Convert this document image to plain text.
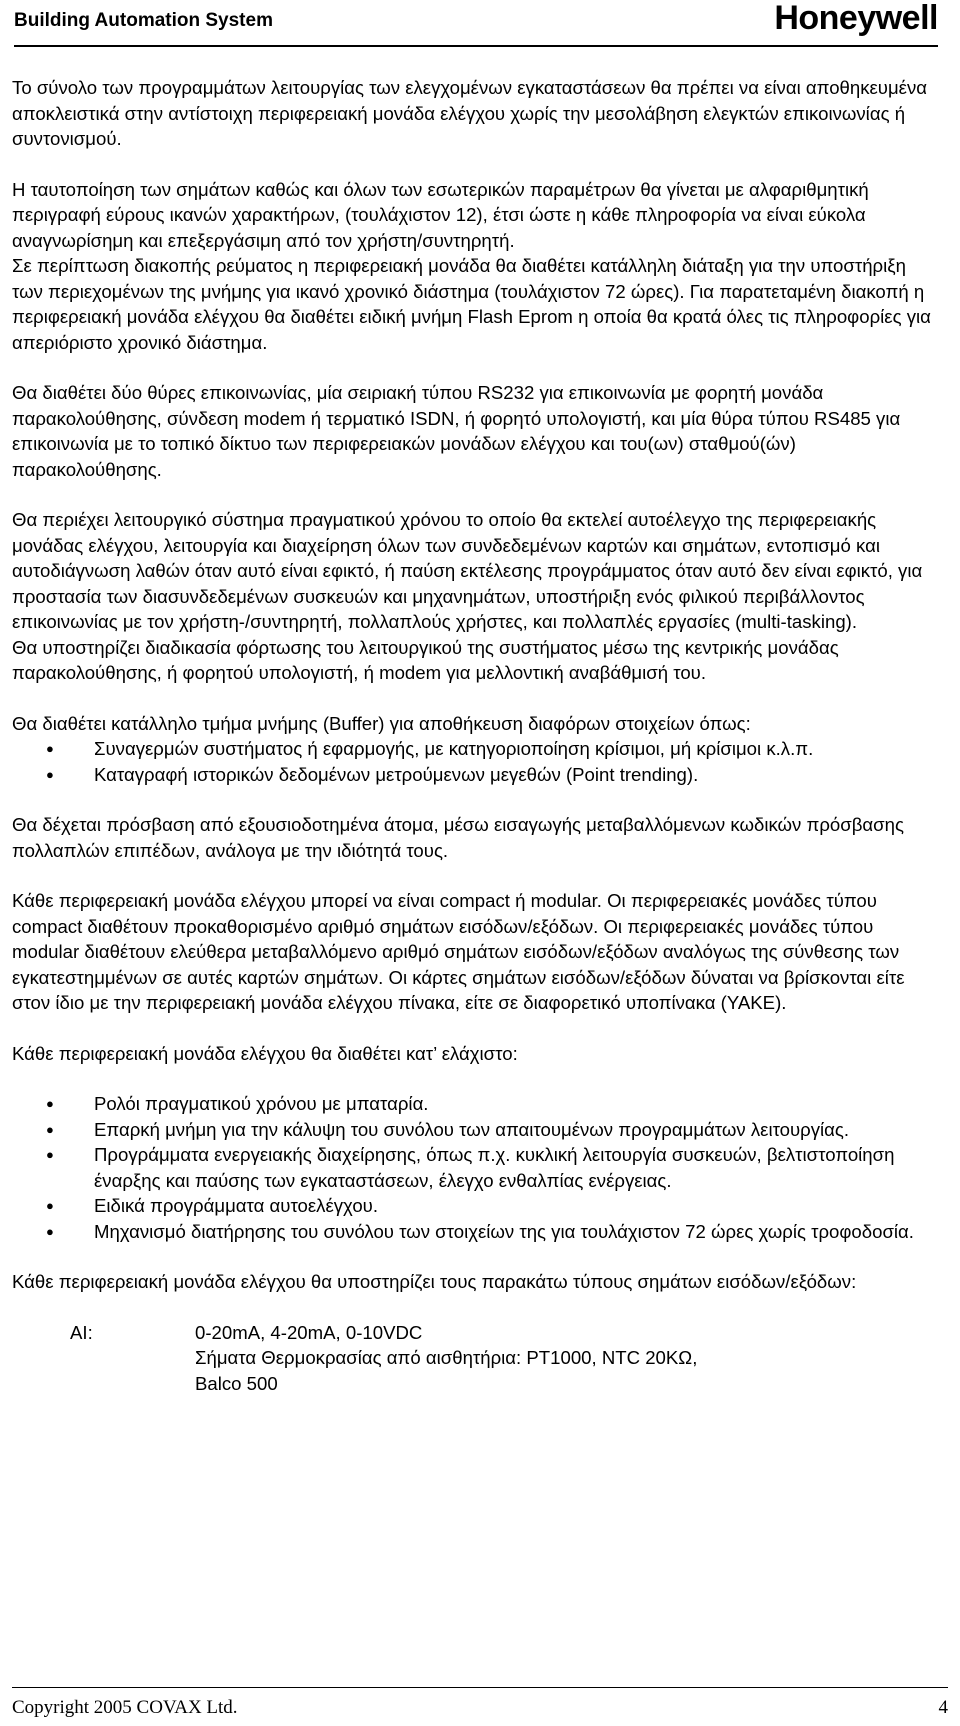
Building Automation System	Honeywell

Το σύνολο των προγραμμάτων λειτουργίας των ελεγχομένων εγκαταστάσεων θα πρέπει να είναι αποθηκευμένα αποκλειστικά στην αντίστοιχη περιφερειακή μονάδα ελέγχου χωρίς την μεσολάβηση ελεγκτών επικοινωνίας ή συντονισμού.

Η ταυτοποίηση των σημάτων καθώς και όλων των εσωτερικών παραμέτρων θα γίνεται με αλφαριθμητική περιγραφή εύρους ικανών χαρακτήρων, (τουλάχιστον 12), έτσι ώστε η κάθε πληροφορία να είναι εύκολα αναγνωρίσημη και επεξεργάσιμη από τον χρήστη/συντηρητή.

Σε περίπτωση διακοπής ρεύματος η περιφερειακή μονάδα θα διαθέτει κατάλληλη διάταξη για την υποστήριξη των περιεχομένων της μνήμης για ικανό χρονικό διάστημα (τουλάχιστον 72 ώρες). Για παρατεταμένη διακοπή η περιφερειακή μονάδα ελέγχου θα διαθέτει ειδική μνήμη Flash Eprom η οποία θα κρατά όλες τις πληροφορίες για απεριόριστο χρονικό διάστημα.

Θα διαθέτει δύο θύρες επικοινωνίας, μία σειριακή τύπου RS232 για επικοινωνία με φορητή μονάδα παρακολούθησης, σύνδεση modem ή τερματικό ISDN, ή φορητό υπολογιστή, και μία θύρα τύπου RS485 για επικοινωνία με το τοπικό δίκτυο των περιφερειακών μονάδων ελέγχου και του(ων) σταθμού(ών) παρακολούθησης.

Θα περιέχει λειτουργικό σύστημα πραγματικού χρόνου το οποίο θα εκτελεί αυτοέλεγχο της περιφερειακής μονάδας ελέγχου, λειτουργία και διαχείρηση όλων των συνδεδεμένων καρτών και σημάτων, εντοπισμό και αυτοδιάγνωση λαθών όταν αυτό είναι εφικτό, ή παύση εκτέλεσης προγράμματος όταν αυτό δεν είναι εφικτό, για προστασία των διασυνδεδεμένων συσκευών και μηχανημάτων, υποστήριξη ενός φιλικού περιβάλλοντος επικοινωνίας με τον χρήστη-/συντηρητή, πολλαπλούς χρήστες, και πολλαπλές εργασίες (multi-tasking).

Θα υποστηρίζει διαδικασία φόρτωσης του λειτουργικού της συστήματος μέσω της κεντρικής μονάδας παρακολούθησης, ή φορητού υπολογιστή, ή modem για μελλοντική αναβάθμισή του.

Θα διαθέτει κατάλληλο τμήμα μνήμης (Buffer) για αποθήκευση διαφόρων στοιχείων όπως:

● Συναγερμών συστήματος ή εφαρμογής, με κατηγοριοποίηση κρίσιμοι, μή κρίσιμοι κ.λ.π.
● Καταγραφή ιστορικών δεδομένων μετρούμενων μεγεθών (Point trending).

Θα δέχεται πρόσβαση από εξουσιοδοτημένα άτομα, μέσω εισαγωγής μεταβαλλόμενων κωδικών πρόσβασης πολλαπλών επιπέδων, ανάλογα με την ιδιότητά τους.

Κάθε περιφερειακή μονάδα ελέγχου μπορεί να είναι compact ή modular. Οι περιφερειακές μονάδες τύπου compact διαθέτουν προκαθορισμένο αριθμό σημάτων εισόδων/εξόδων. Οι περιφερειακές μονάδες τύπου modular διαθέτουν ελεύθερα μεταβαλλόμενο αριθμό σημάτων εισόδων/εξόδων αναλόγως της σύνθεσης των εγκατεστημμένων σε αυτές καρτών σημάτων. Οι κάρτες σημάτων εισόδων/εξόδων δύναται να βρίσκονται είτε στον ίδιο με την περιφερειακή μονάδα ελέγχου πίνακα, είτε σε διαφορετικό υποπίνακα (ΥΑΚΕ).

Κάθε περιφερειακή μονάδα ελέγχου θα διαθέτει κατ’ ελάχιστο:

● Ρολόι πραγματικού χρόνου με μπαταρία.
● Επαρκή μνήμη για την κάλυψη του συνόλου των απαιτουμένων προγραμμάτων λειτουργίας.
● Προγράμματα ενεργειακής διαχείρησης, όπως π.χ. κυκλική λειτουργία συσκευών, βελτιστοποίηση έναρξης και παύσης των εγκαταστάσεων, έλεγχο ενθαλπίας ενέργειας.
● Ειδικά προγράμματα αυτοελέγχου.
● Μηχανισμό διατήρησης του συνόλου των στοιχείων της για τουλάχιστον 72 ώρες χωρίς τροφοδοσία.

Κάθε περιφερειακή μονάδα ελέγχου θα υποστηρίζει τους παρακάτω τύπους σημάτων εισόδων/εξόδων:

AI:	0-20mA, 4-20mA, 0-10VDC
Σήματα Θερμοκρασίας από αισθητήρια: PT1000, NTC 20ΚΩ,
Balco 500
Copyright 2005 COVAX Ltd.	4
